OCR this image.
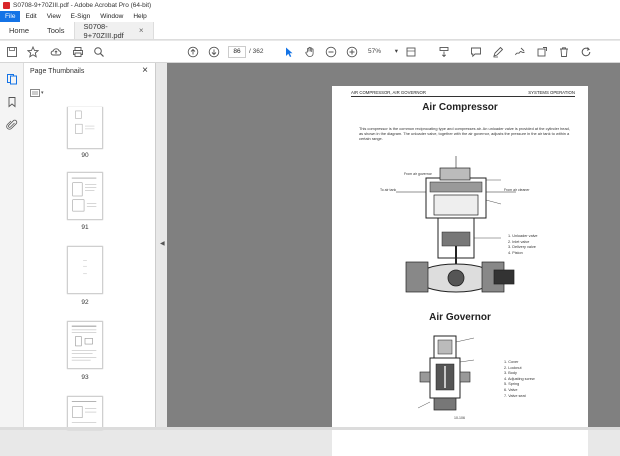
S0708-9+70ZIII.pdf - Adobe Acrobat Pro (64-bit)
File	Edit	View	E-Sign	Window	Help
Home	Tools	S0708-9+70ZIII.pdf	×
86	/ 362	57% ▾
Page Thumbnails	×
▾
90
91
92
93
◀
AIR COMPRESSOR, AIR GOVERNOR	SYSTEMS OPERATION
Air Compressor
This compressor is the common reciprocating type and compresses air. An unloader valve is provided at the cylinder head, as shown in the diagram. The unloader valve, together with the air governor, adjusts the pressure in the air tank to within a certain range.
From air governor
To air tank	From air cleaner
1. Unloader valve
2. Inlet valve
3. Delivery valve
4. Piston
Air Governor
1. Cover
2. Locknut
3. Body
4. Adjusting screw
5. Spring
6. Valve
7. Valve seat
10-106
